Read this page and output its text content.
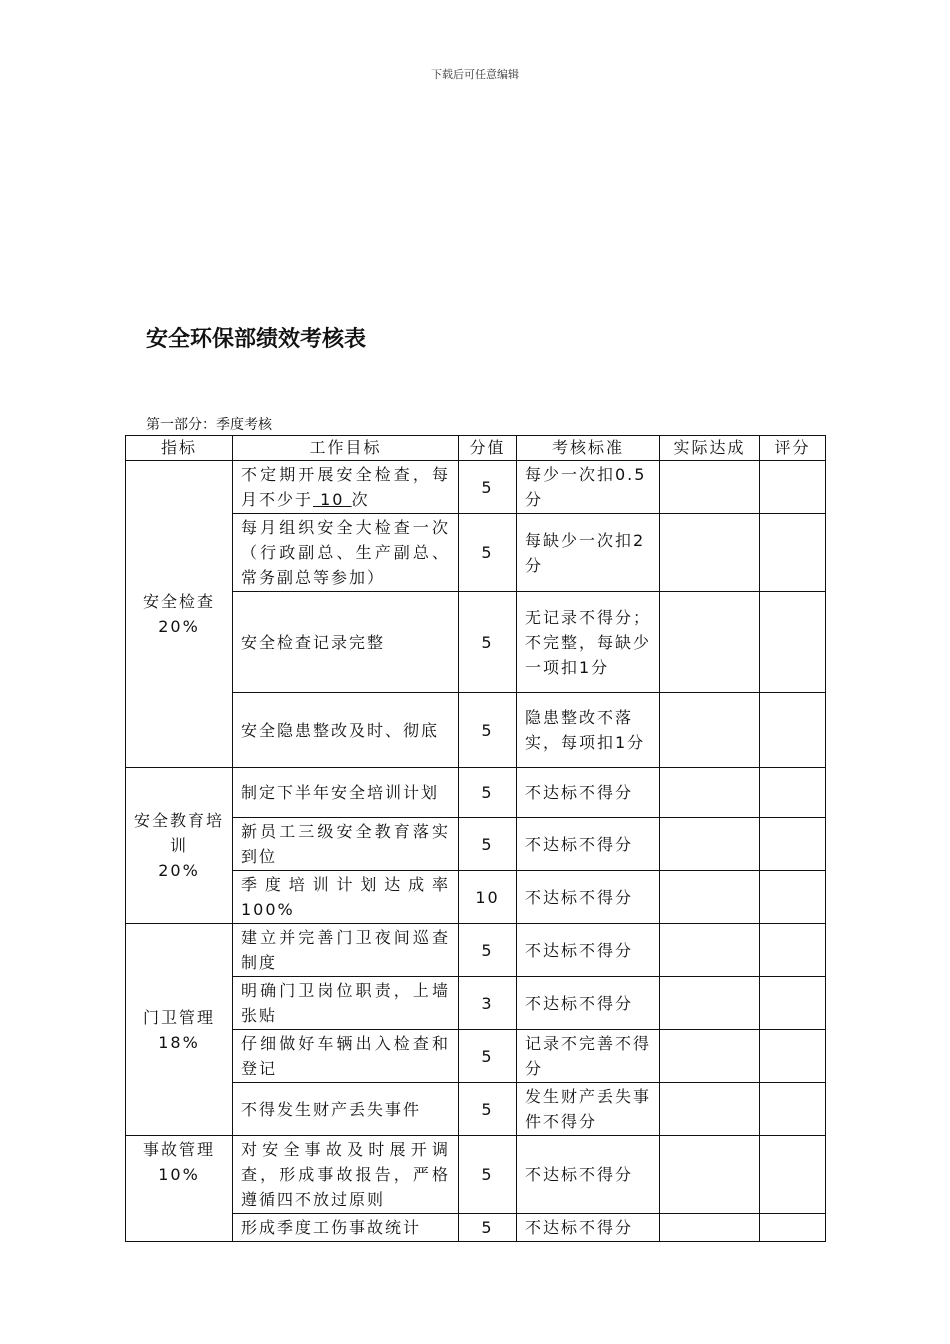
下载后可任意编辑
安全环保部绩效考核表
第一部分：季度考核
指标	工作目标	分值	考核标准	实际达成	评分

安全检查
20%	不定期开展安全检查，每月不少于 10 次	5	每少一次扣0.5分		
	每月组织安全大检查一次（行政副总、生产副总、常务副总等参加）	5	每缺少一次扣2分		
	安全检查记录完整	5	无记录不得分；不完整，每缺少一项扣1分		
	安全隐患整改及时、彻底	5	隐患整改不落实，每项扣1分		

安全教育培训
20%	制定下半年安全培训计划	5	不达标不得分		
	新员工三级安全教育落实到位	5	不达标不得分		
	季度培训计划达成率100%	10	不达标不得分		

门卫管理
18%	建立并完善门卫夜间巡查制度	5	不达标不得分		
	明确门卫岗位职责，上墙张贴	3	不达标不得分		
	仔细做好车辆出入检查和登记	5	记录不完善不得分		
	不得发生财产丢失事件	5	发生财产丢失事件不得分		

事故管理
10%	对安全事故及时展开调查，形成事故报告，严格遵循四不放过原则	5	不达标不得分		
	形成季度工伤事故统计	5	不达标不得分		
